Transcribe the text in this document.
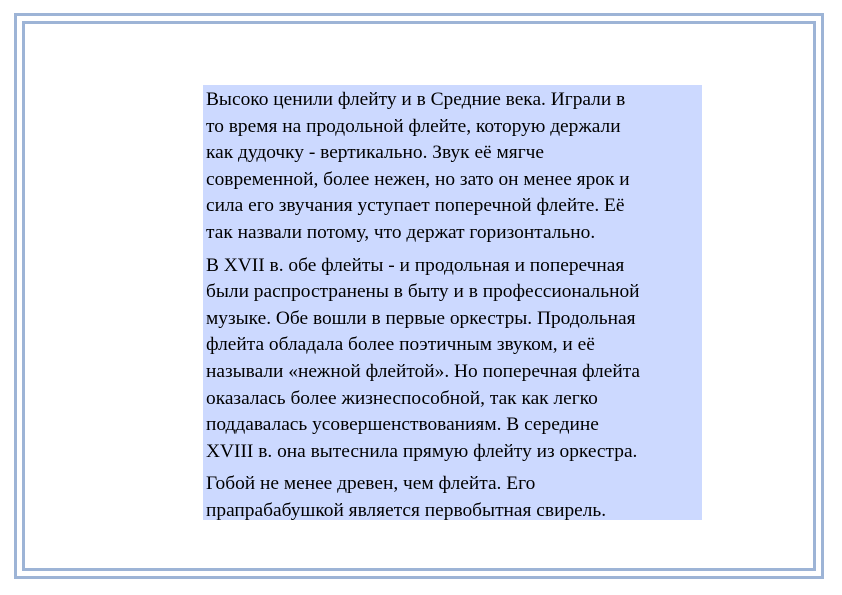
Высоко ценили флейту и в Средние века. Играли в
то время на продольной флейте, которую держали
как дудочку - вертикально. Звук её мягче
современной, более нежен, но зато он менее ярок и
сила его звучания уступает поперечной флейте. Её
так назвали потому, что держат горизонтально.

В XVII в. обе флейты - и продольная и поперечная
были распространены в быту и в профессиональной
музыке. Обе вошли в первые оркестры. Продольная
флейта обладала более поэтичным звуком, и её
называли «нежной флейтой». Но поперечная флейта
оказалась более жизнеспособной, так как легко
поддавалась усовершенствованиям. В середине
XVIII в. она вытеснила прямую флейту из оркестра.

Гобой не менее древен, чем флейта. Его
прапрабабушкой является первобытная свирель.
